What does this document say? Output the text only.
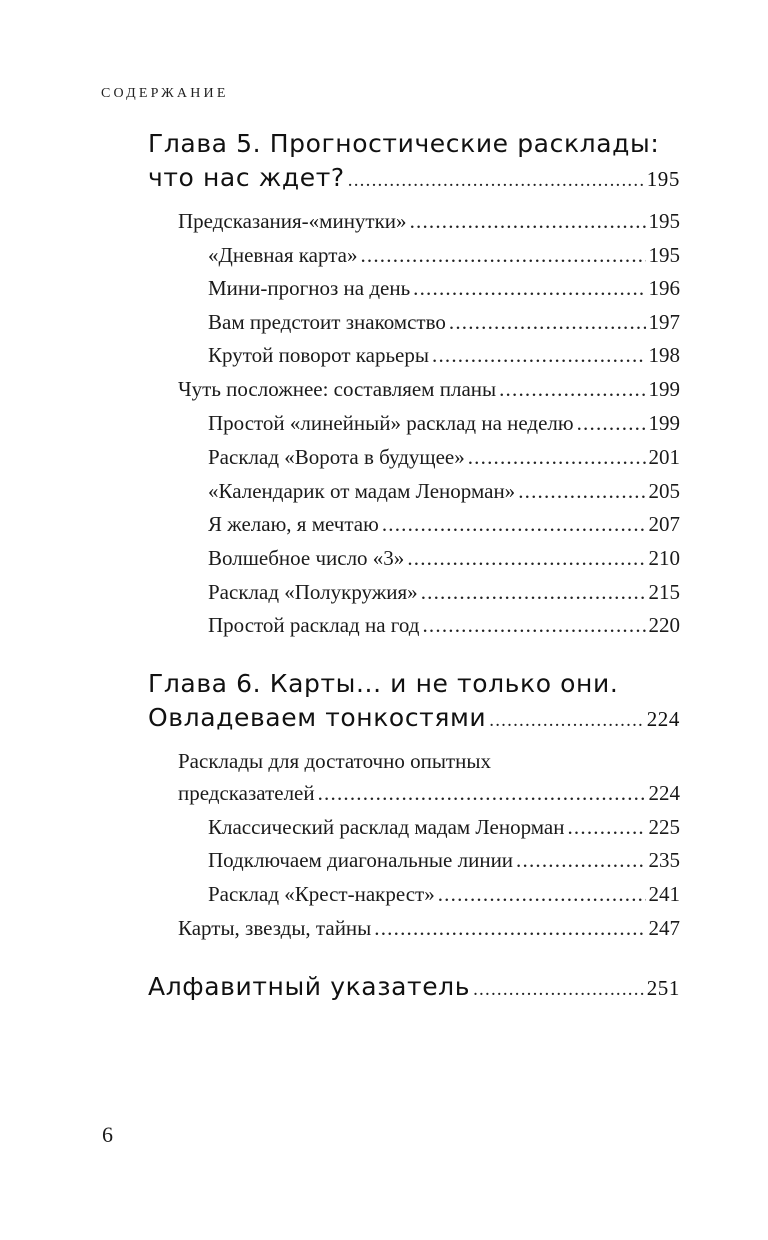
СОДЕРЖАНИЕ
Глава 5. Прогностические расклады:
что нас ждет? .....	195
Предсказания-«минутки» .....	195
«Дневная карта» .....	195
Мини-прогноз на день .....	196
Вам предстоит знакомство .....	197
Крутой поворот карьеры .....	198
Чуть посложнее: составляем планы .....	199
Простой «линейный» расклад на неделю .....	199
Расклад «Ворота в будущее» .....	201
«Календарик от мадам Ленорман» .....	205
Я желаю, я мечтаю .....	207
Волшебное число «3» .....	210
Расклад «Полукружия» .....	215
Простой расклад на год .....	220
Глава 6. Карты... и не только они.
Овладеваем тонкостями .....	224
Расклады для достаточно опытных
предсказателей .....	224
Классический расклад мадам Ленорман .....	225
Подключаем диагональные линии .....	235
Расклад «Крест-накрест» .....	241
Карты, звезды, тайны .....	247
Алфавитный указатель .....	251
6
